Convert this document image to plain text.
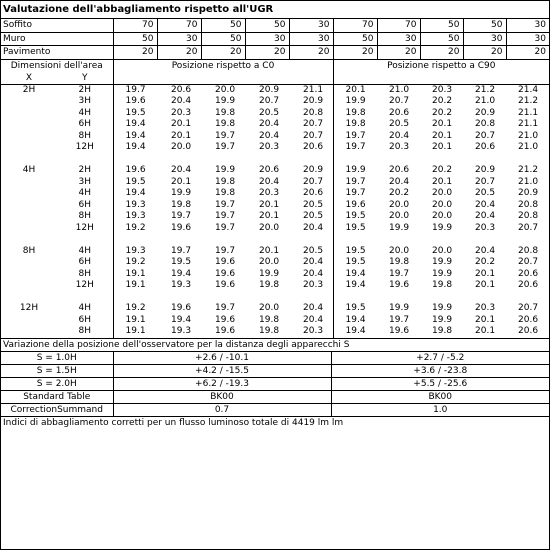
Valutazione dell'abbagliamento rispetto all'UGR
Soffito	70	70	50	50	30	70	70	50	50	30
Muro	50	30	50	30	30	50	30	50	30	30
Pavimento	20	20	20	20	20	20	20	20	20	20
Dimensioni dell'area		Posizione rispetto a C0					Posizione rispetto a C90				
X	Y										
2H	2H	19.7	20.6	20.0	20.9	21.1	20.1	21.0	20.3	21.2	21.4
	3H	19.6	20.4	19.9	20.7	20.9	19.9	20.7	20.2	21.0	21.2
	4H	19.5	20.3	19.8	20.5	20.8	19.8	20.6	20.2	20.9	21.1
	6H	19.4	20.1	19.8	20.4	20.7	19.8	20.5	20.1	20.8	21.1
	8H	19.4	20.1	19.7	20.4	20.7	19.7	20.4	20.1	20.7	21.0
	12H	19.4	20.0	19.7	20.3	20.6	19.7	20.3	20.1	20.6	21.0

4H	2H	19.6	20.4	19.9	20.6	20.9	19.9	20.6	20.2	20.9	21.2
	3H	19.5	20.1	19.8	20.4	20.7	19.7	20.4	20.1	20.7	21.0
	4H	19.4	19.9	19.8	20.3	20.6	19.7	20.2	20.0	20.5	20.9
	6H	19.3	19.8	19.7	20.1	20.5	19.6	20.0	20.0	20.4	20.8
	8H	19.3	19.7	19.7	20.1	20.5	19.5	20.0	20.0	20.4	20.8
	12H	19.2	19.6	19.7	20.0	20.4	19.5	19.9	19.9	20.3	20.7

8H	4H	19.3	19.7	19.7	20.1	20.5	19.5	20.0	20.0	20.4	20.8
	6H	19.2	19.5	19.6	20.0	20.4	19.5	19.8	19.9	20.2	20.7
	8H	19.1	19.4	19.6	19.9	20.4	19.4	19.7	19.9	20.1	20.6
	12H	19.1	19.3	19.6	19.8	20.3	19.4	19.6	19.8	20.1	20.6

12H	4H	19.2	19.6	19.7	20.0	20.4	19.5	19.9	19.9	20.3	20.7
	6H	19.1	19.4	19.6	19.8	20.4	19.4	19.7	19.9	20.1	20.6
	8H	19.1	19.3	19.6	19.8	20.3	19.4	19.6	19.8	20.1	20.6
Variazione della posizione dell'osservatore per la distanza degli apparecchi S
S = 1.0H	+2.6 / -10.1	+2.7 / -5.2
S = 1.5H	+4.2 / -15.5	+3.6 / -23.8
S = 2.0H	+6.2 / -19.3	+5.5 / -25.6
Standard Table	BK00	BK00
CorrectionSummand	0.7	1.0
Indici di abbagliamento corretti per un flusso luminoso totale di 4419 lm lm
